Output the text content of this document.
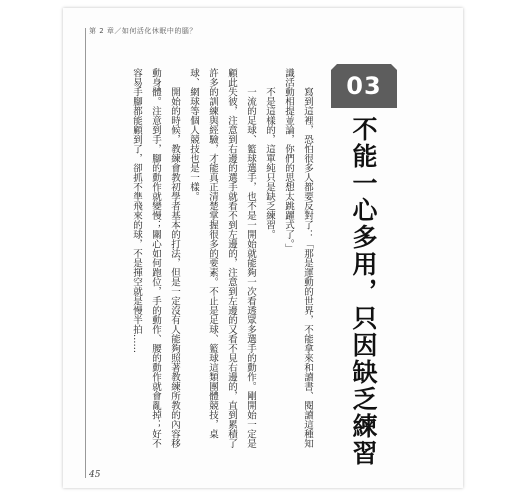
第 2 章／如何活化休眠中的腦？
03
不能一心多用，只因缺乏練習

寫到這裡，恐怕很多人都要反對了：「那是運動的世界，不能拿來和讀書、閱讀這種知識活動相提並論，你們的思想太跳躍式了。」

不是這樣的，這單純只是缺乏練習。

一流的足球、籃球選手，也不是一開始就能夠一次看透眾多選手的動作。剛開始一定是顧此失彼，注意到右邊的選手就看不到左邊的，注意到左邊的又看不見右邊的，直到累積了許多的訓練與經驗，才能真正清楚掌握很多的要素。不止是足球、籃球這類團體競技，桌球、網球等個人競技也是一樣。

開始的時候，教練會教初學者基本的打法，但是一定沒有人能夠照著教練所教的內容移動身體。注意到手，腳的動作就變慢；關心如何跑位，手的動作、腰的動作就會亂掉；好不容易手腳都能顧到了，卻抓不準飛來的球，不是揮空就是慢半拍……

45
